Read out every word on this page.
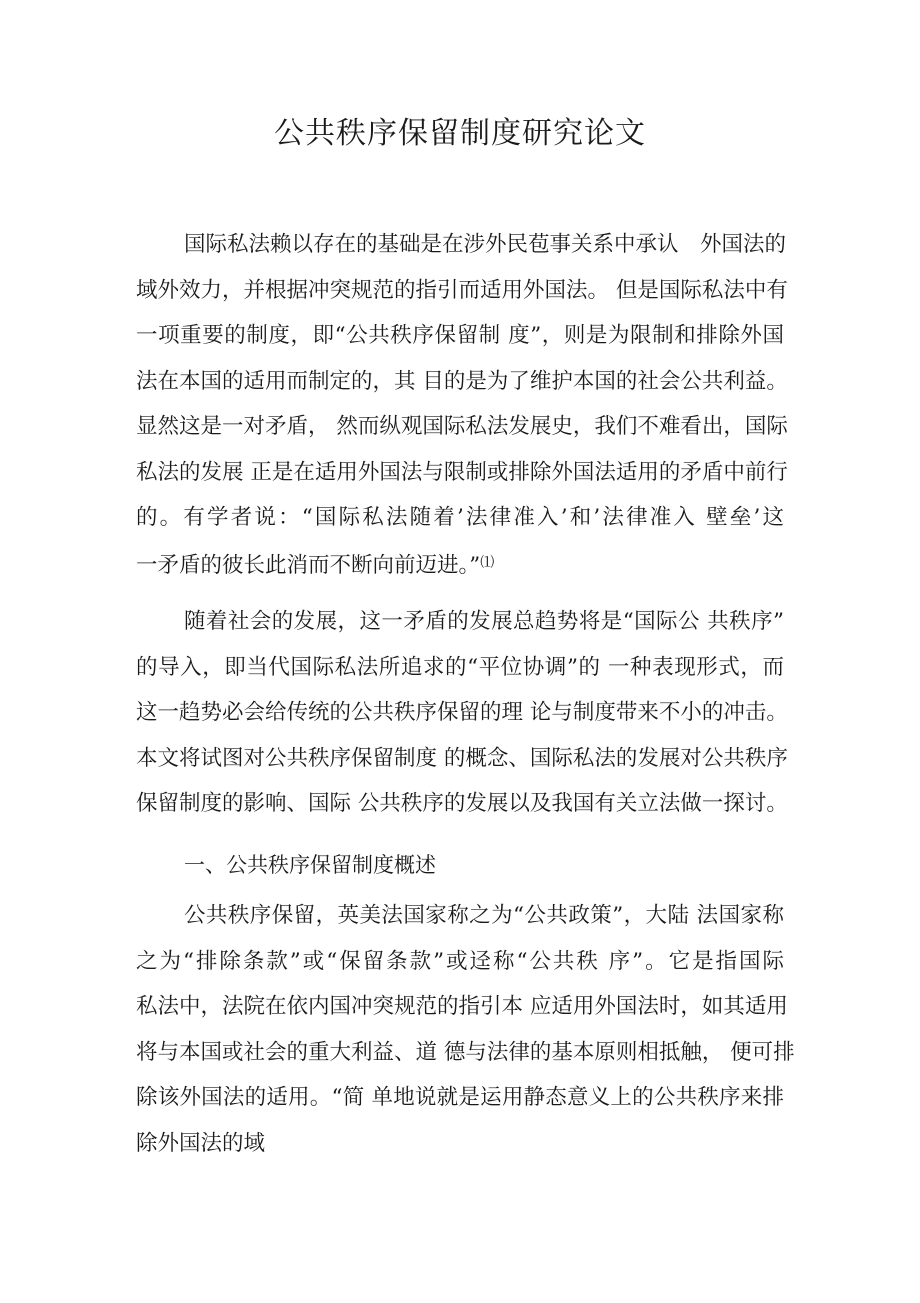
公共秩序保留制度研究论文
国际私法赖以存在的基础是在涉外民苞事关系中承认　外国法的
域外效力，并根据冲突规范的指引而适用外国法。 但是国际私法中有
一项重要的制度，即“公共秩序保留制 度”，则是为限制和排除外国
法在本国的适用而制定的，其 目的是为了维护本国的社会公共利益。
显然这是一对矛盾， 然而纵观国际私法发展史，我们不难看出，国际
私法的发展 正是在适用外国法与限制或排除外国法适用的矛盾中前行
的。有学者说：“国际私法随着’法律准入’和’法律准入 壁垒’这
一矛盾的彼长此消而不断向前迈进。”⑴
随着社会的发展，这一矛盾的发展总趋势将是“国际公 共秩序”
的导入，即当代国际私法所追求的“平位协调”的 一种表现形式，而
这一趋势必会给传统的公共秩序保留的理 论与制度带来不小的冲击。
本文将试图对公共秩序保留制度 的概念、国际私法的发展对公共秩序
保留制度的影响、国际 公共秩序的发展以及我国有关立法做一探讨。
一、公共秩序保留制度概述
公共秩序保留，英美法国家称之为“公共政策”，大陆 法国家称
之为“排除条款”或“保留条款”或迳称“公共秩 序”。它是指国际
私法中，法院在依内国冲突规范的指引本 应适用外国法时，如其适用
将与本国或社会的重大利益、道 德与法律的基本原则相抵触， 便可排
除该外国法的适用。“简 单地说就是运用静态意义上的公共秩序来排
除外国法的域
